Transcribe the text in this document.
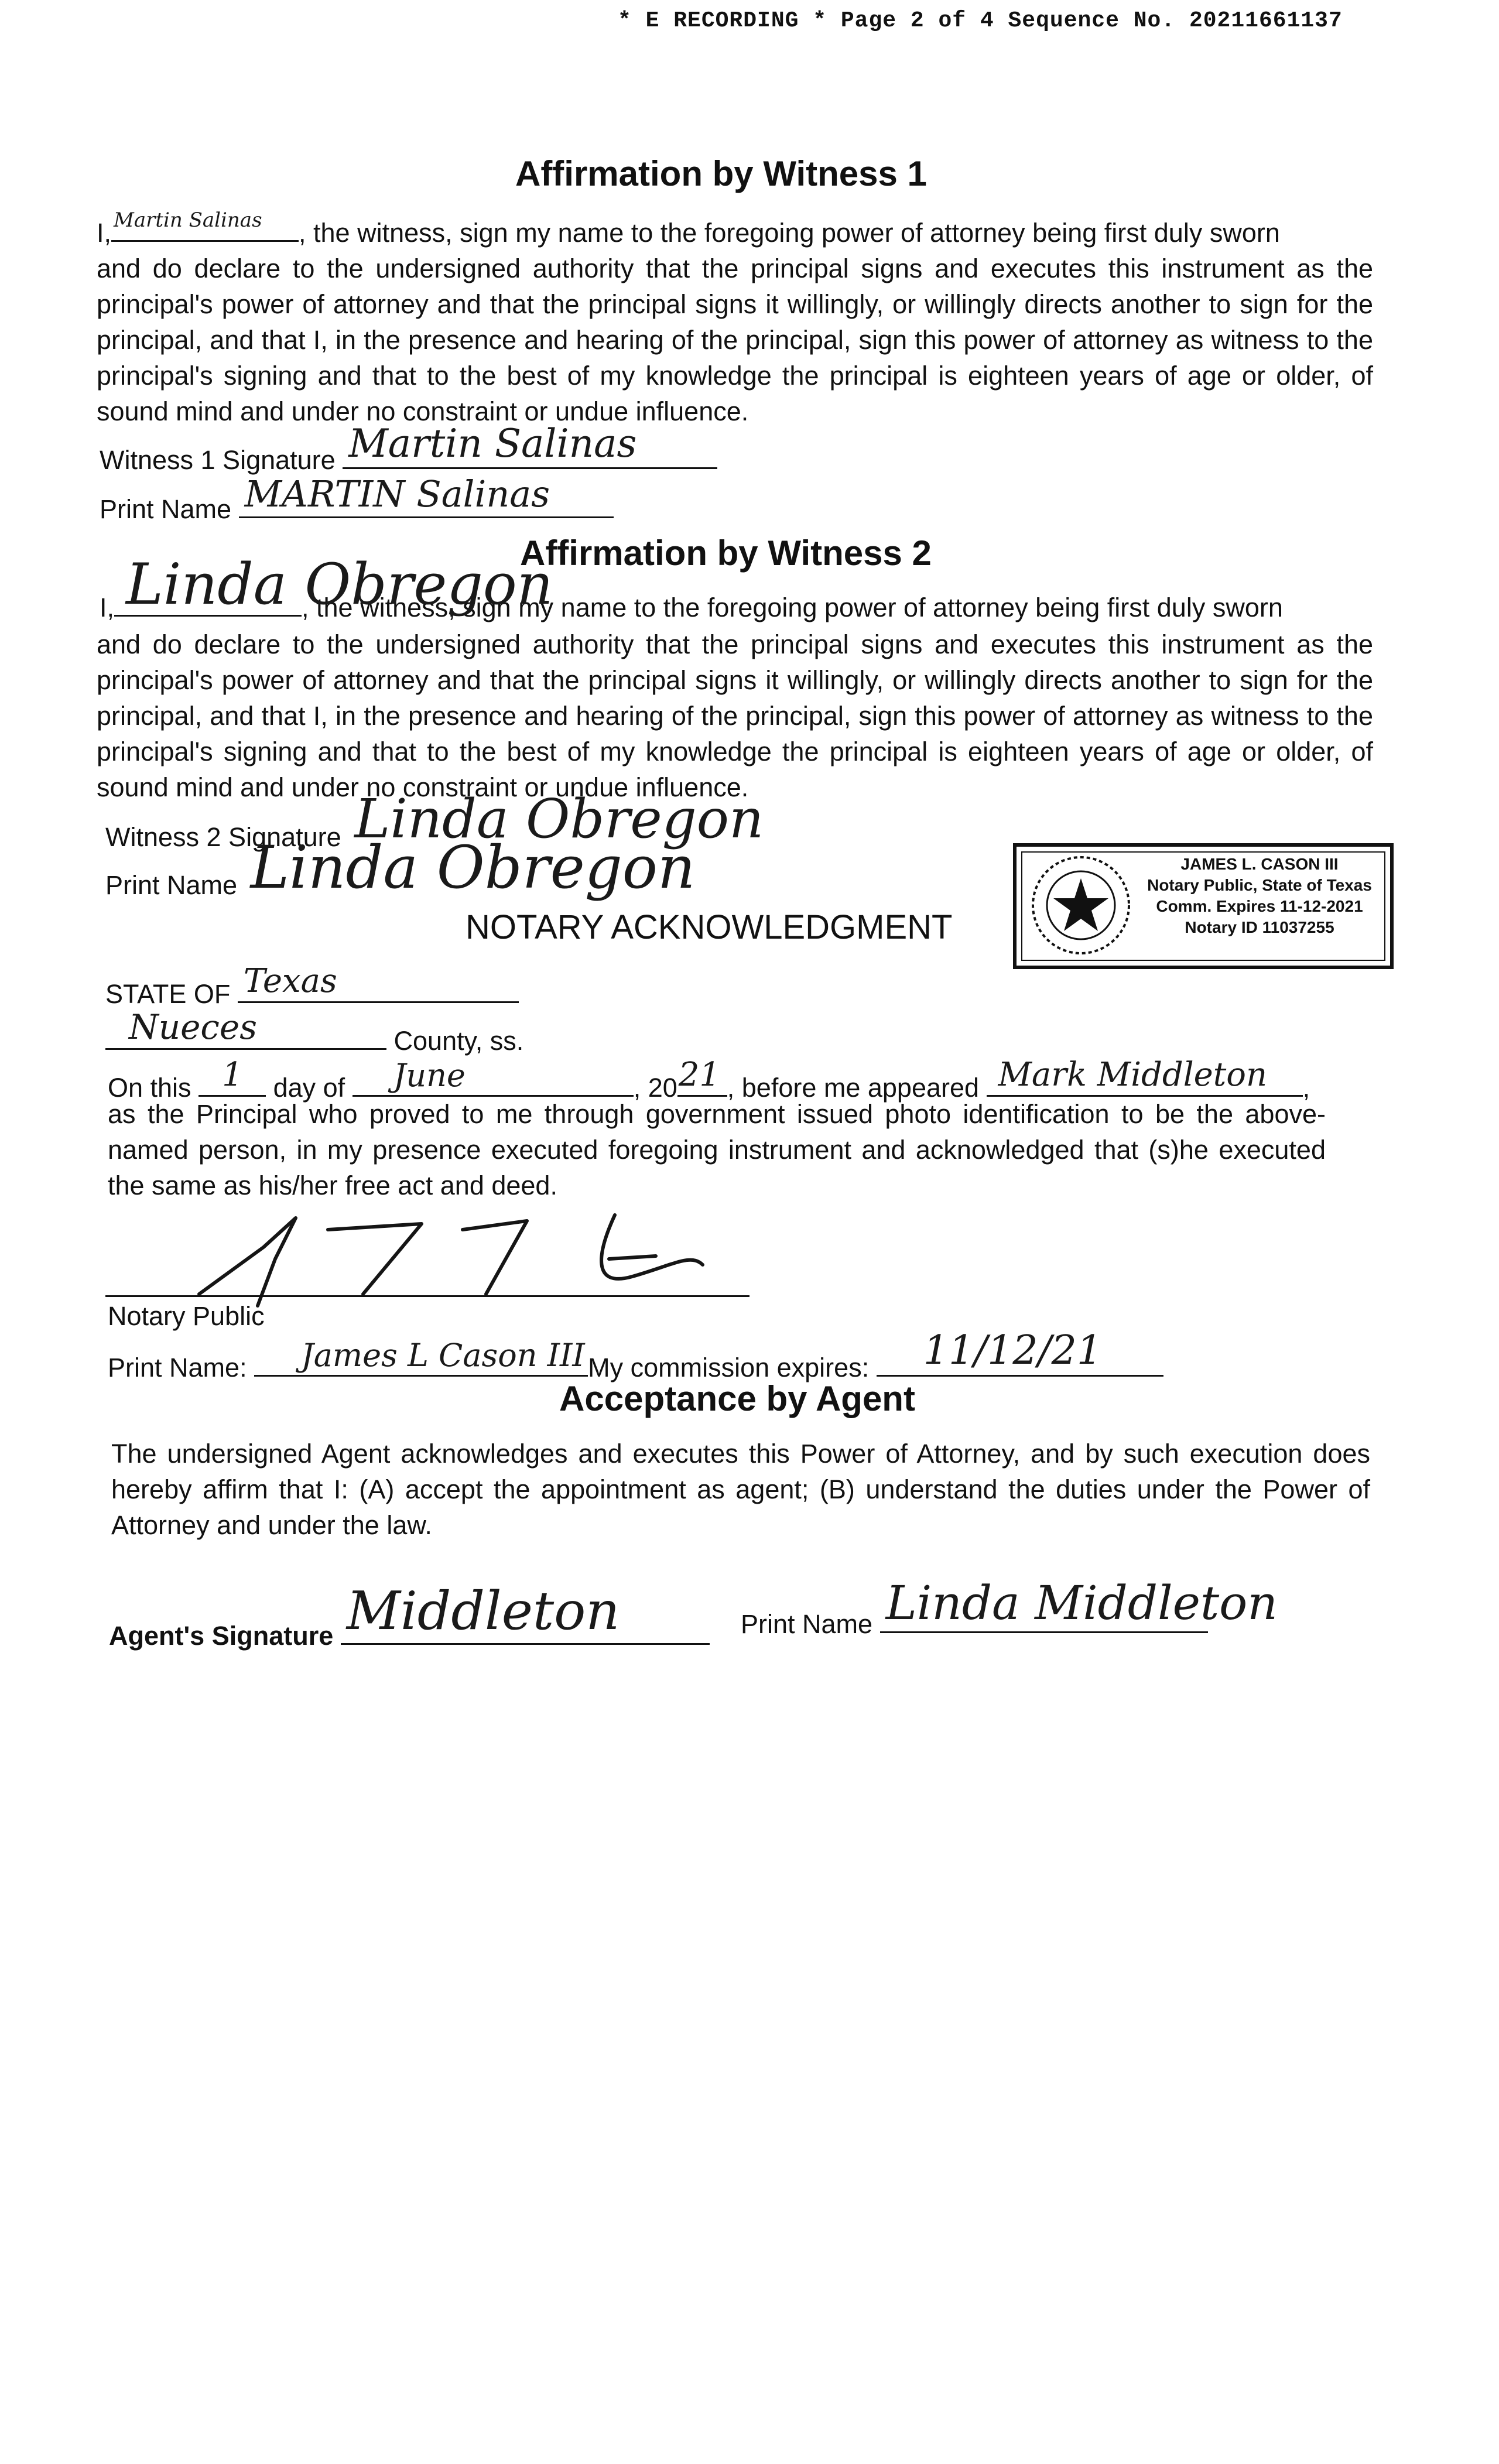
* E RECORDING * Page 2 of 4 Sequence No. 20211661137
Affirmation by Witness 1
I, Martin Salinas , the witness, sign my name to the foregoing power of attorney being first duly sworn
and do declare to the undersigned authority that the principal signs and executes this instrument as the principal's power of attorney and that the principal signs it willingly, or willingly directs another to sign for the principal, and that I, in the presence and hearing of the principal, sign this power of attorney as witness to the principal's signing and that to the best of my knowledge the principal is eighteen years of age or older, of sound mind and under no constraint or undue influence.
Witness 1 Signature Martin Salinas
Print Name MARTIN Salinas
Affirmation by Witness 2
I, Linda Obregon
, the witness, sign my name to the foregoing power of attorney being first duly sworn
and do declare to the undersigned authority that the principal signs and executes this instrument as the principal's power of attorney and that the principal signs it willingly, or willingly directs another to sign for the principal, and that I, in the presence and hearing of the principal, sign this power of attorney as witness to the principal's signing and that to the best of my knowledge the principal is eighteen years of age or older, of sound mind and under no constraint or undue influence.
Witness 2 Signature Linda Obregon
Print Name Linda Obregon	JAMES L. CASON III
Notary Public, State of Texas
Comm. Expires 11-12-2021
Notary ID 11037255
NOTARY ACKNOWLEDGMENT
STATE OF Texas
Nueces	County, ss.
On this 1 day of June	, 20 21 , before me appeared Mark Middleton ,
as the Principal who proved to me through government issued photo identification to be the above-named person, in my presence executed foregoing instrument and acknowledged that (s)he executed the same as his/her free act and deed.
Notary Public
Print Name: James L Cason III My commission expires: 11/12/21
Acceptance by Agent
The undersigned Agent acknowledges and executes this Power of Attorney, and by such execution does hereby affirm that I: (A) accept the appointment as agent; (B) understand the duties under the Power of Attorney and under the law.
Agent's Signature Middleton	Print Name Linda Middleton
